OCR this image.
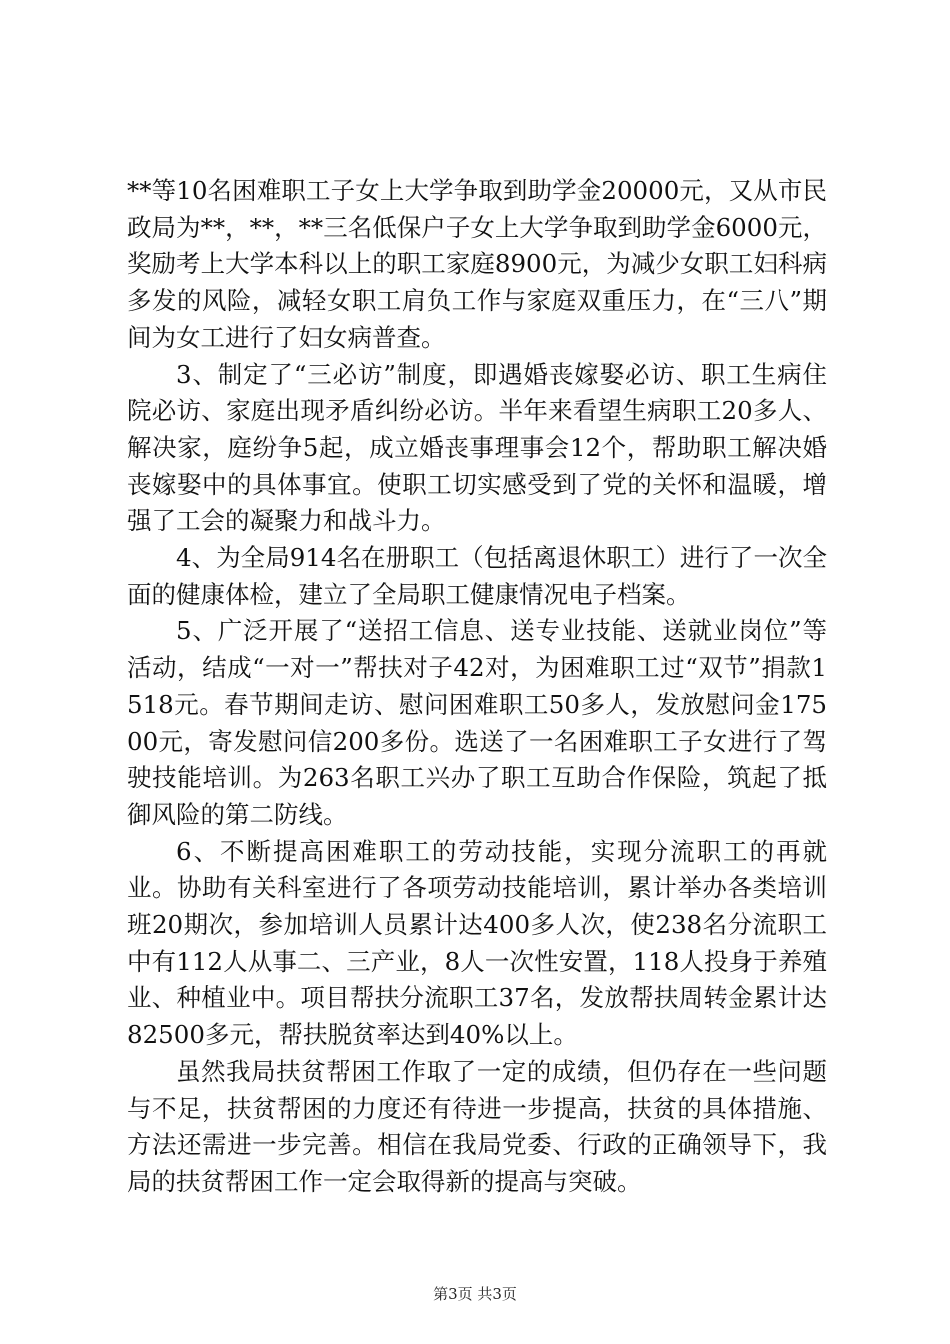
**等10名困难职工子女上大学争取到助学金20000元，又从市民政局为**，**，**三名低保户子女上大学争取到助学金6000元，奖励考上大学本科以上的职工家庭8900元，为减少女职工妇科病多发的风险，减轻女职工肩负工作与家庭双重压力，在“三八”期间为女工进行了妇女病普查。

3、制定了“三必访”制度，即遇婚丧嫁娶必访、职工生病住院必访、家庭出现矛盾纠纷必访。半年来看望生病职工20多人、解决家，庭纷争5起，成立婚丧事理事会12个，帮助职工解决婚丧嫁娶中的具体事宜。使职工切实感受到了党的关怀和温暖，增强了工会的凝聚力和战斗力。

4、为全局914名在册职工（包括离退休职工）进行了一次全面的健康体检，建立了全局职工健康情况电子档案。

5、广泛开展了“送招工信息、送专业技能、送就业岗位”等活动，结成“一对一”帮扶对子42对，为困难职工过“双节”捐款1518元。春节期间走访、慰问困难职工50多人，发放慰问金17500元，寄发慰问信200多份。选送了一名困难职工子女进行了驾驶技能培训。为263名职工兴办了职工互助合作保险，筑起了抵御风险的第二防线。

6、不断提高困难职工的劳动技能，实现分流职工的再就业。协助有关科室进行了各项劳动技能培训，累计举办各类培训班20期次，参加培训人员累计达400多人次，使238名分流职工中有112人从事二、三产业，8人一次性安置，118人投身于养殖业、种植业中。项目帮扶分流职工37名，发放帮扶周转金累计达82500多元，帮扶脱贫率达到40%以上。

虽然我局扶贫帮困工作取了一定的成绩，但仍存在一些问题与不足，扶贫帮困的力度还有待进一步提高，扶贫的具体措施、方法还需进一步完善。相信在我局党委、行政的正确领导下，我局的扶贫帮困工作一定会取得新的提高与突破。

第3页 共3页
